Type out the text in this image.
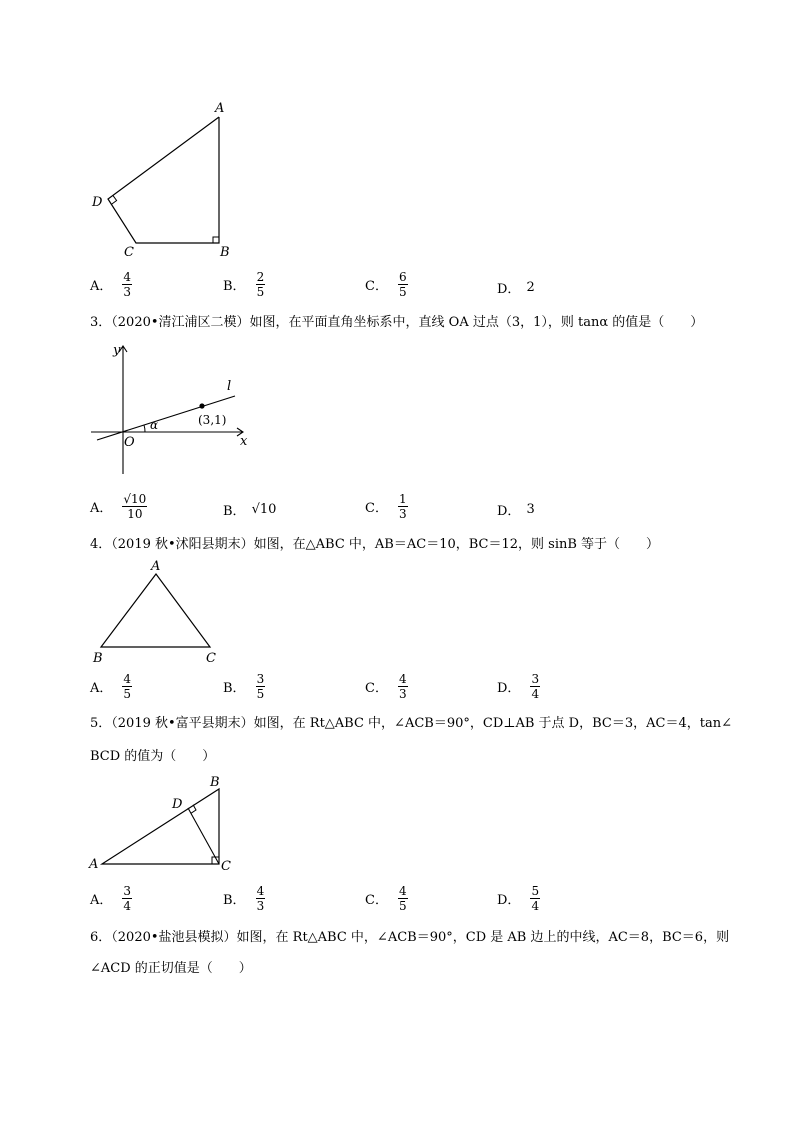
A
D
C	B
A． $\frac{4}{3}$	B． $\frac{2}{5}$	C． $\frac{6}{5}$	D． 2
3．（2020•清江浦区二模）如图，在平面直角坐标系中，直线 OA 过点（3，1），则 tanα 的值是（　　）
y
l
(3,1)
α
O	x
A． $\frac{√10}{10}$	B． √10	C． $\frac{1}{3}$	D． 3
4．（2019 秋•沭阳县期末）如图，在△ABC 中，AB＝AC＝10，BC＝12，则 sinB 等于（　　）
A
B	C
A． $\frac{4}{5}$	B． $\frac{3}{5}$	C． $\frac{4}{3}$	D． $\frac{3}{4}$
5．（2019 秋•富平县期末）如图，在 Rt△ABC 中，∠ACB＝90°，CD⊥AB 于点 D，BC＝3，AC＝4，tan∠
BCD 的值为（　　）
B
D
A	C
A． $\frac{3}{4}$	B． $\frac{4}{3}$	C． $\frac{4}{5}$	D． $\frac{5}{4}$
6．（2020•盐池县模拟）如图，在 Rt△ABC 中，∠ACB＝90°，CD 是 AB 边上的中线，AC＝8，BC＝6，则
∠ACD 的正切值是（　　）
